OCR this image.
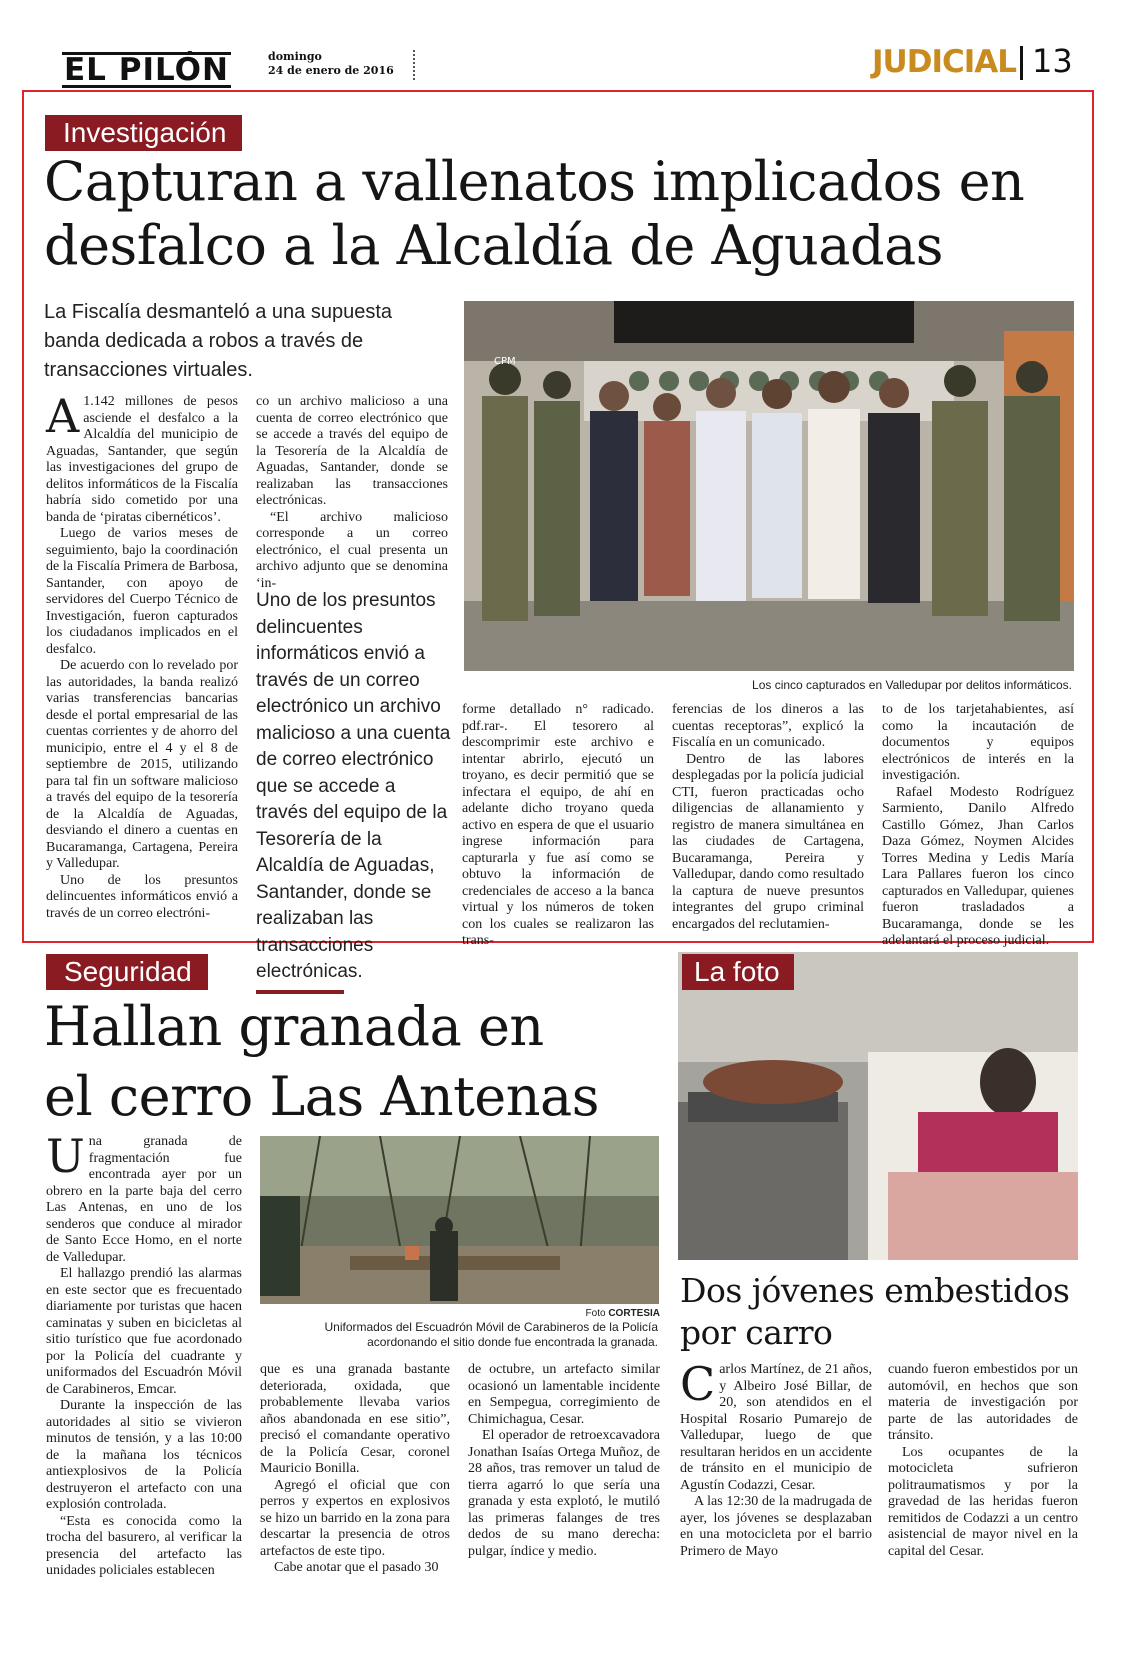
EL PILÓN	domingo
24 de enero de 2016	JUDICIAL 13
Investigación
Capturan a vallenatos implicados en
desfalco a la Alcaldía de Aguadas
La Fiscalía desmanteló a una supuesta
banda dedicada a robos a través de
transacciones virtuales.

A 1.142 millones de pesos asciende el desfalco a la Alcaldía del municipio de Aguadas, Santander, que según las investigaciones del grupo de delitos informáticos de la Fiscalía habría sido cometido por una banda de ‘piratas cibernéticos’.

Luego de varios meses de seguimiento, bajo la coordinación de la Fiscalía Primera de Barbosa, Santander, con apoyo de servidores del Cuerpo Técnico de Investigación, fueron capturados los ciudadanos implicados en el desfalco.

De acuerdo con lo revelado por las autoridades, la banda realizó varias transferencias bancarias desde el portal empresarial de las cuentas corrientes y de ahorro del municipio, entre el 4 y el 8 de septiembre de 2015, utilizando para tal fin un software malicioso a través del equipo de la tesorería de la Alcaldía de Aguadas, desviando el dinero a cuentas en Bucaramanga, Cartagena, Pereira y Valledupar.

Uno de los presuntos delincuentes informáticos envió a través de un correo electróni-

co un archivo malicioso a una cuenta de correo electrónico que se accede a través del equipo de la Tesorería de la Alcaldía de Aguadas, Santander, donde se realizaban las transacciones electrónicas.

“El archivo malicioso corresponde a un correo electrónico, el cual presenta un archivo adjunto que se denomina ‘in-

Uno de los presuntos delincuentes informáticos envió a través de un correo electrónico un archivo malicioso a una cuenta de correo electrónico que se accede a través del equipo de la Tesorería de la Alcaldía de Aguadas, Santander, donde se realizaban las transacciones electrónicas.
CPM
Los cinco capturados en Valledupar por delitos informáticos.

forme detallado n° radicado. pdf.rar-. El tesorero al descomprimir este archivo e intentar abrirlo, ejecutó un troyano, es decir permitió que se infectara el equipo, de ahí en adelante dicho troyano queda activo en espera de que el usuario ingrese información para capturarla y fue así como se obtuvo la información de credenciales de acceso a la banca virtual y los números de token con los cuales se realizaron las trans-

ferencias de los dineros a las cuentas receptoras”, explicó la Fiscalía en un comunicado.

Dentro de las labores desplegadas por la policía judicial CTI, fueron practicadas ocho diligencias de allanamiento y registro de manera simultánea en las ciudades de Cartagena, Bucaramanga, Pereira y Valledupar, dando como resultado la captura de nueve presuntos integrantes del grupo criminal encargados del reclutamien-

to de los tarjetahabientes, así como la incautación de documentos y equipos electrónicos de interés en la investigación.

Rafael Modesto Rodríguez Sarmiento, Danilo Alfredo Castillo Gómez, Jhan Carlos Daza Gómez, Noymen Alcides Torres Medina y Ledis María Lara Pallares fueron los cinco capturados en Valledupar, quienes fueron trasladados a Bucaramanga, donde se les adelantará el proceso judicial.

Seguridad
Hallan granada en
el cerro Las Antenas

Una granada de fragmentación fue encontrada ayer por un obrero en la parte baja del cerro Las Antenas, en uno de los senderos que conduce al mirador de Santo Ecce Homo, en el norte de Valledupar.

El hallazgo prendió las alarmas en este sector que es frecuentado diariamente por turistas que hacen caminatas y suben en bicicletas al sitio turístico que fue acordonado por la Policía del cuadrante y uniformados del Escuadrón Móvil de Carabineros, Emcar.

Durante la inspección de las autoridades al sitio se vivieron minutos de tensión, y a las 10:00 de la mañana los técnicos antiexplosivos de la Policía destruyeron el artefacto con una explosión controlada.

“Esta es conocida como la trocha del basurero, al verificar la presencia del artefacto las unidades policiales establecen

Foto CORTESIA
Uniformados del Escuadrón Móvil de Carabineros de la Policía
acordonando el sitio donde fue encontrada la granada.

que es una granada bastante deteriorada, oxidada, que probablemente llevaba varios años abandonada en ese sitio”, precisó el comandante operativo de la Policía Cesar, coronel Mauricio Bonilla.

Agregó el oficial que con perros y expertos en explosivos se hizo un barrido en la zona para descartar la presencia de otros artefactos de este tipo.

Cabe anotar que el pasado 30

de octubre, un artefacto similar ocasionó un lamentable incidente en Sempegua, corregimiento de Chimichagua, Cesar.

El operador de retroexcavadora Jonathan Isaías Ortega Muñoz, de 28 años, tras remover un talud de tierra agarró lo que sería una granada y esta explotó, le mutiló las primeras falanges de tres dedos de su mano derecha: pulgar, índice y medio.

La foto
Dos jóvenes embestidos
por carro

Carlos Martínez, de 21 años, y Albeiro José Billar, de 20, son atendidos en el Hospital Rosario Pumarejo de Valledupar, luego de que resultaran heridos en un accidente de tránsito en el municipio de Agustín Codazzi, Cesar.

A las 12:30 de la madrugada de ayer, los jóvenes se desplazaban en una motocicleta por el barrio Primero de Mayo

cuando fueron embestidos por un automóvil, en hechos que son materia de investigación por parte de las autoridades de tránsito.

Los ocupantes de la motocicleta sufrieron politraumatismos y por la gravedad de las heridas fueron remitidos de Codazzi a un centro asistencial de mayor nivel en la capital del Cesar.
